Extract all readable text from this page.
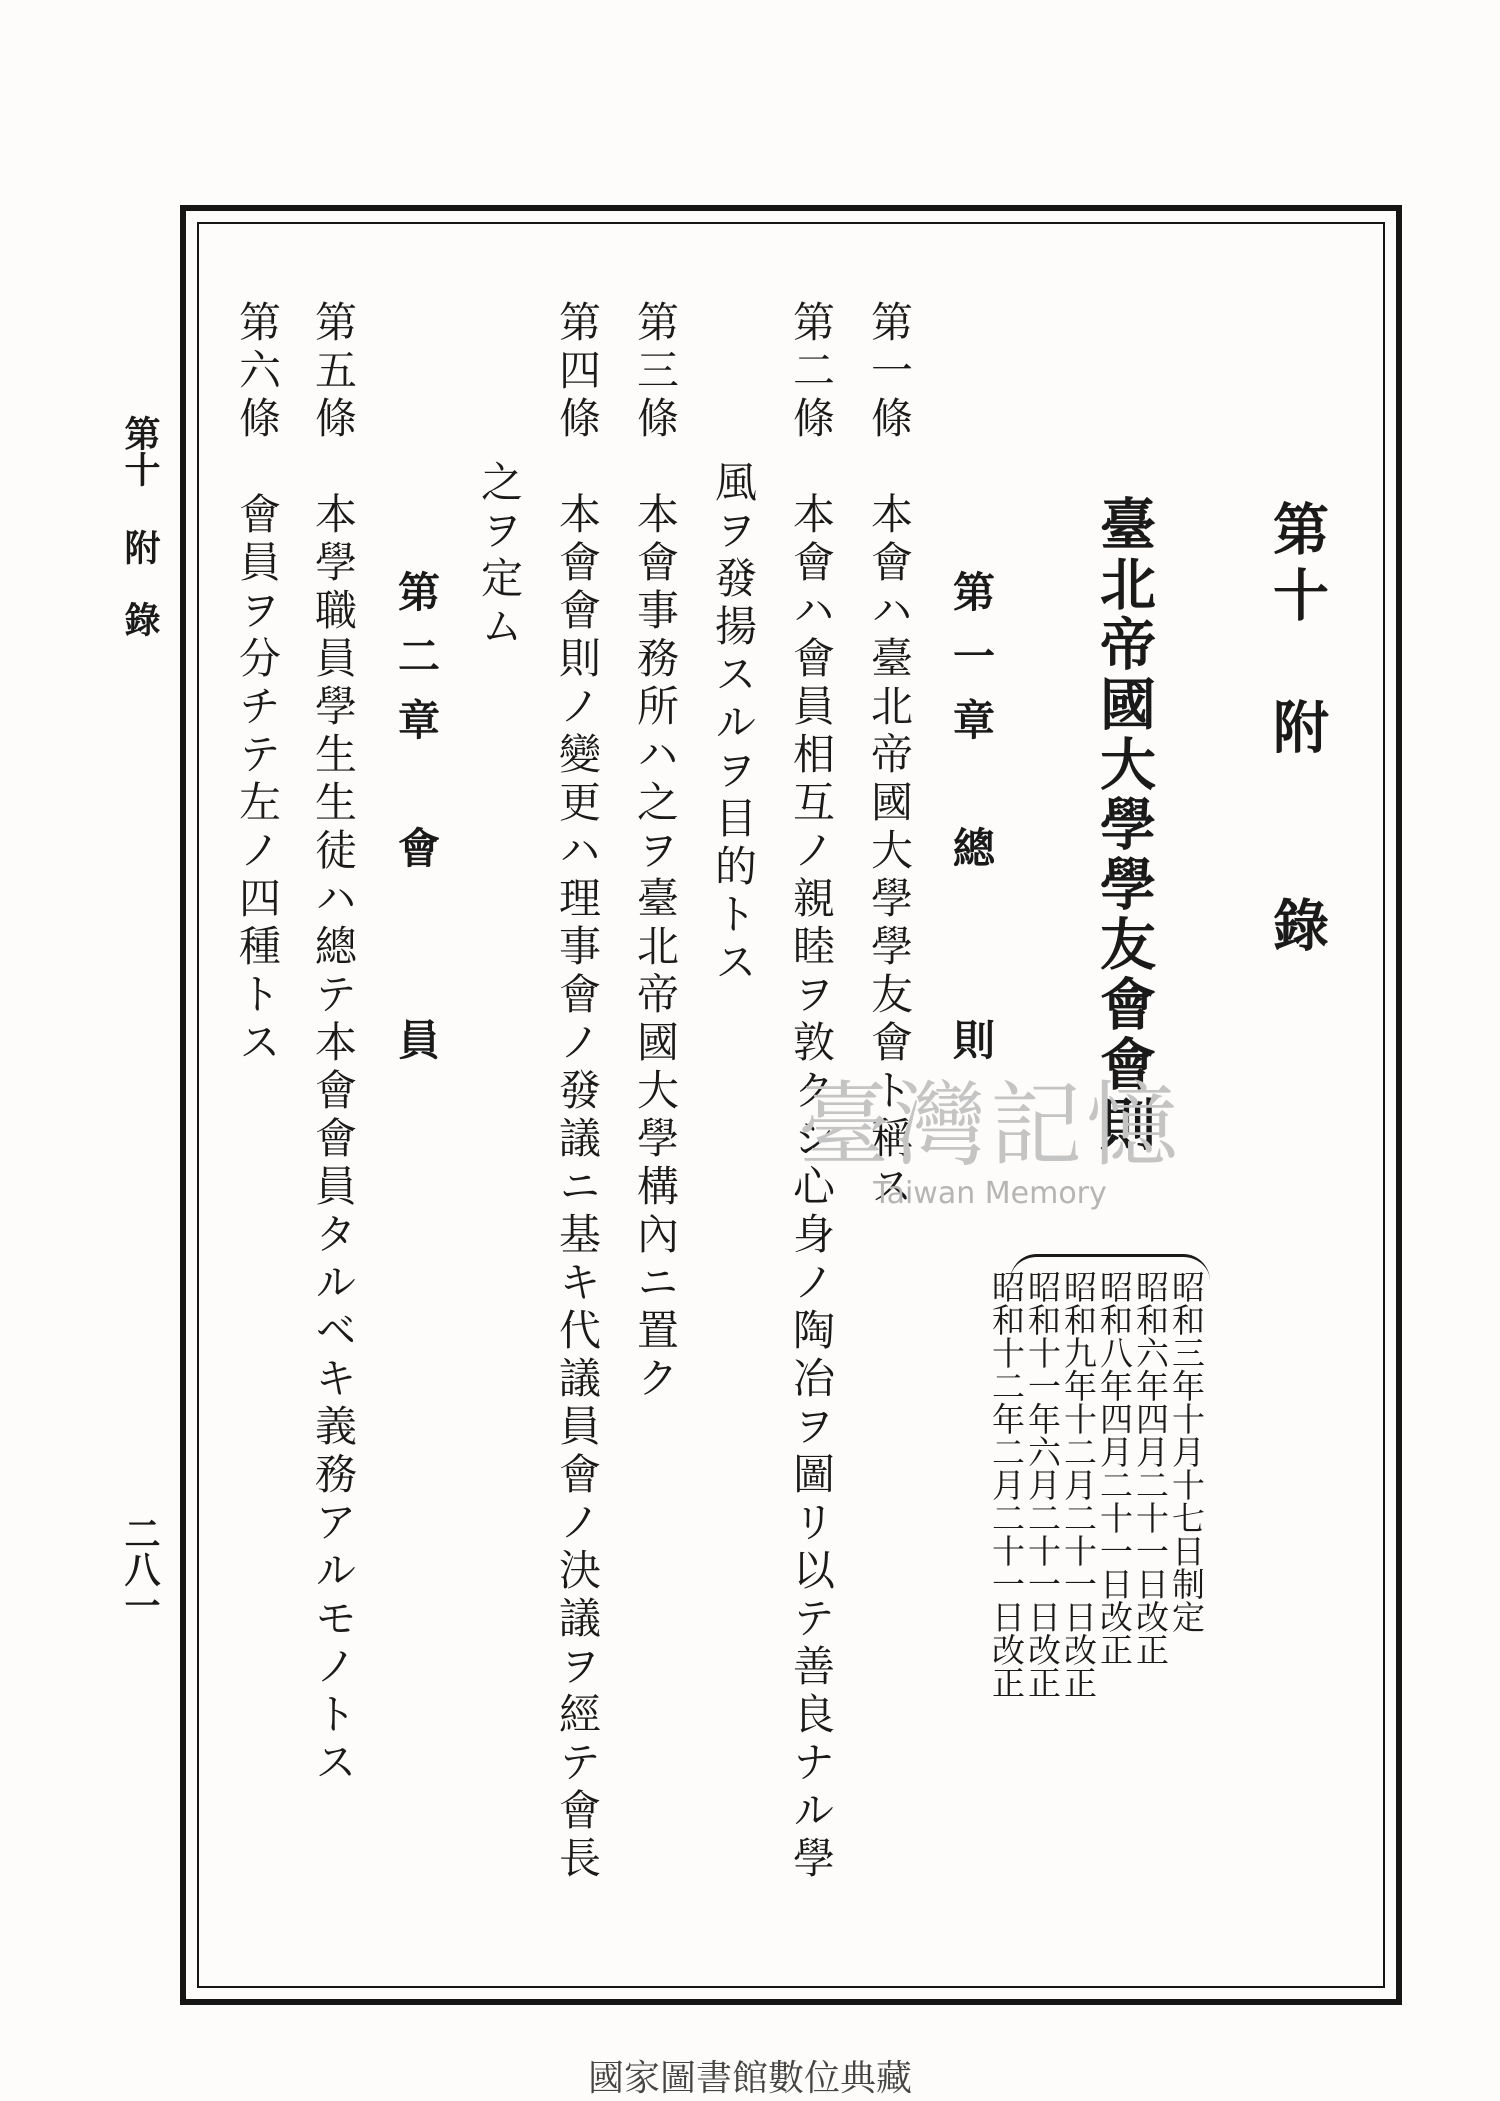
第十 附　錄
二八一
第十　附　　錄
臺北帝國大學學友會會則
昭和三年十月十七日制定
昭和六年四月二十一日改正
昭和八年四月二十一日改正
昭和九年十二月二十一日改正
昭和十一年六月二十一日改正
昭和十二年二月二十一日改正
第一章　總　　則
第一條　本會ハ臺北帝國大學學友會ト稱ス
第二條　本會ハ會員相互ノ親睦ヲ敦クシ心身ノ陶冶ヲ圖リ以テ善良ナル學
風ヲ發揚スルヲ目的トス
第三條　本會事務所ハ之ヲ臺北帝國大學構內ニ置ク
第四條　本會會則ノ變更ハ理事會ノ發議ニ基キ代議員會ノ決議ヲ經テ會長
之ヲ定ム
第二章　會　　員
第五條　本學職員學生生徒ハ總テ本會會員タルベキ義務アルモノトス
第六條　會員ヲ分チテ左ノ四種トス
臺灣記憶
Taiwan Memory
國家圖書館數位典藏
